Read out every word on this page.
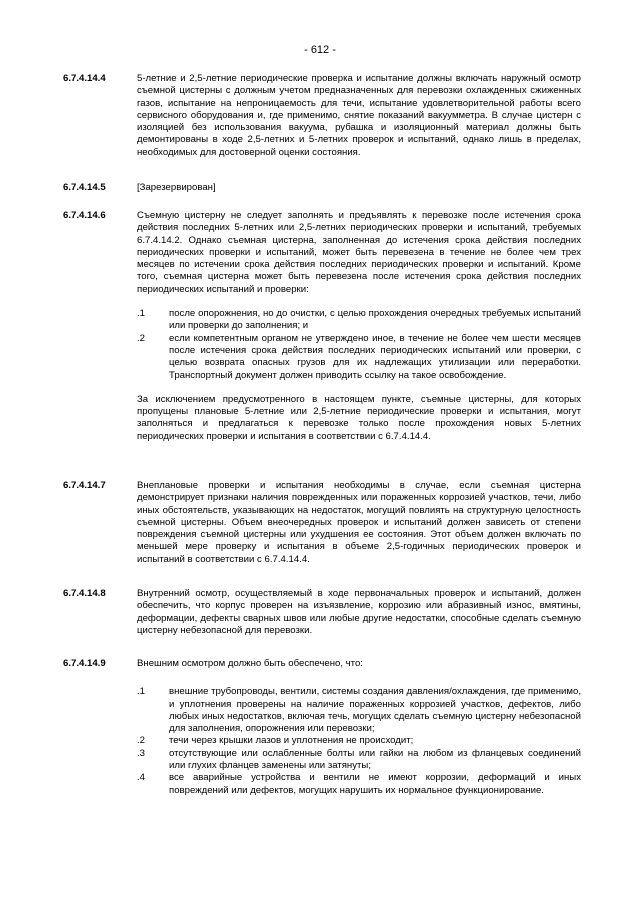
- 612 -
6.7.4.14.4	5-летние и 2,5-летние периодические проверка и испытание должны включать наружный осмотр съемной цистерны с должным учетом предназначенных для перевозки охлажденных сжиженных газов, испытание на непроницаемость для течи, испытание удовлетворительной работы всего сервисного оборудования и, где применимо, снятие показаний вакуумметра. В случае цистерн с изоляцией без использования вакуума, рубашка и изоляционный материал должны быть демонтированы в ходе 2,5-летних и 5-летних проверок и испытаний, однако лишь в пределах, необходимых для достоверной оценки состояния.

6.7.4.14.5	[Зарезервирован]

6.7.4.14.6	Съемную цистерну не следует заполнять и предъявлять к перевозке после истечения срока действия последних 5-летних или 2,5-летних периодических проверки и испытаний, требуемых 6.7.4.14.2. Однако съемная цистерна, заполненная до истечения срока действия последних периодических проверки и испытаний, может быть перевезена в течение не более чем трех месяцев по истечении срока действия последних периодических проверки и испытаний. Кроме того, съемная цистерна может быть перевезена после истечения срока действия последних периодических испытаний и проверки:

.1	после опорожнения, но до очистки, с целью прохождения очередных требуемых испытаний или проверки до заполнения; и
.2	если компетентным органом не утверждено иное, в течение не более чем шести месяцев после истечения срока действия последних периодических испытаний или проверки, с целью возврата опасных грузов для их надлежащих утилизации или переработки. Транспортный документ должен приводить ссылку на такое освобождение.

За исключением предусмотренного в настоящем пункте, съемные цистерны, для которых пропущены плановые 5-летние или 2,5-летние периодические проверки и испытания, могут заполняться и предлагаться к перевозке только после прохождения новых 5-летних периодических проверки и испытания в соответствии с 6.7.4.14.4.

6.7.4.14.7	Внеплановые проверки и испытания необходимы в случае, если съемная цистерна демонстрирует признаки наличия поврежденных или пораженных коррозией участков, течи, либо иных обстоятельств, указывающих на недостаток, могущий повлиять на структурную целостность съемной цистерны. Объем внеочередных проверок и испытаний должен зависеть от степени повреждения съемной цистерны или ухудшения ее состояния. Этот объем должен включать по меньшей мере проверку и испытания в объеме 2,5-годичных периодических проверок и испытаний в соответствии с 6.7.4.14.4.

6.7.4.14.8	Внутренний осмотр, осуществляемый в ходе первоначальных проверок и испытаний, должен обеспечить, что корпус проверен на изъязвление, коррозию или абразивный износ, вмятины, деформации, дефекты сварных швов или любые другие недостатки, способные сделать съемную цистерну небезопасной для перевозки.

6.7.4.14.9	Внешним осмотром должно быть обеспечено, что:

.1	внешние трубопроводы, вентили, системы создания давления/охлаждения, где применимо, и уплотнения проверены на наличие пораженных коррозией участков, дефектов, либо любых иных недостатков, включая течь, могущих сделать съемную цистерну небезопасной для заполнения, опорожнения или перевозки;
.2	течи через крышки лазов и уплотнения не происходит;
.3	отсутствующие или ослабленные болты или гайки на любом из фланцевых соединений или глухих фланцев заменены или затянуты;
.4	все аварийные устройства и вентили не имеют коррозии, деформаций и иных повреждений или дефектов, могущих нарушить их нормальное функционирование.
